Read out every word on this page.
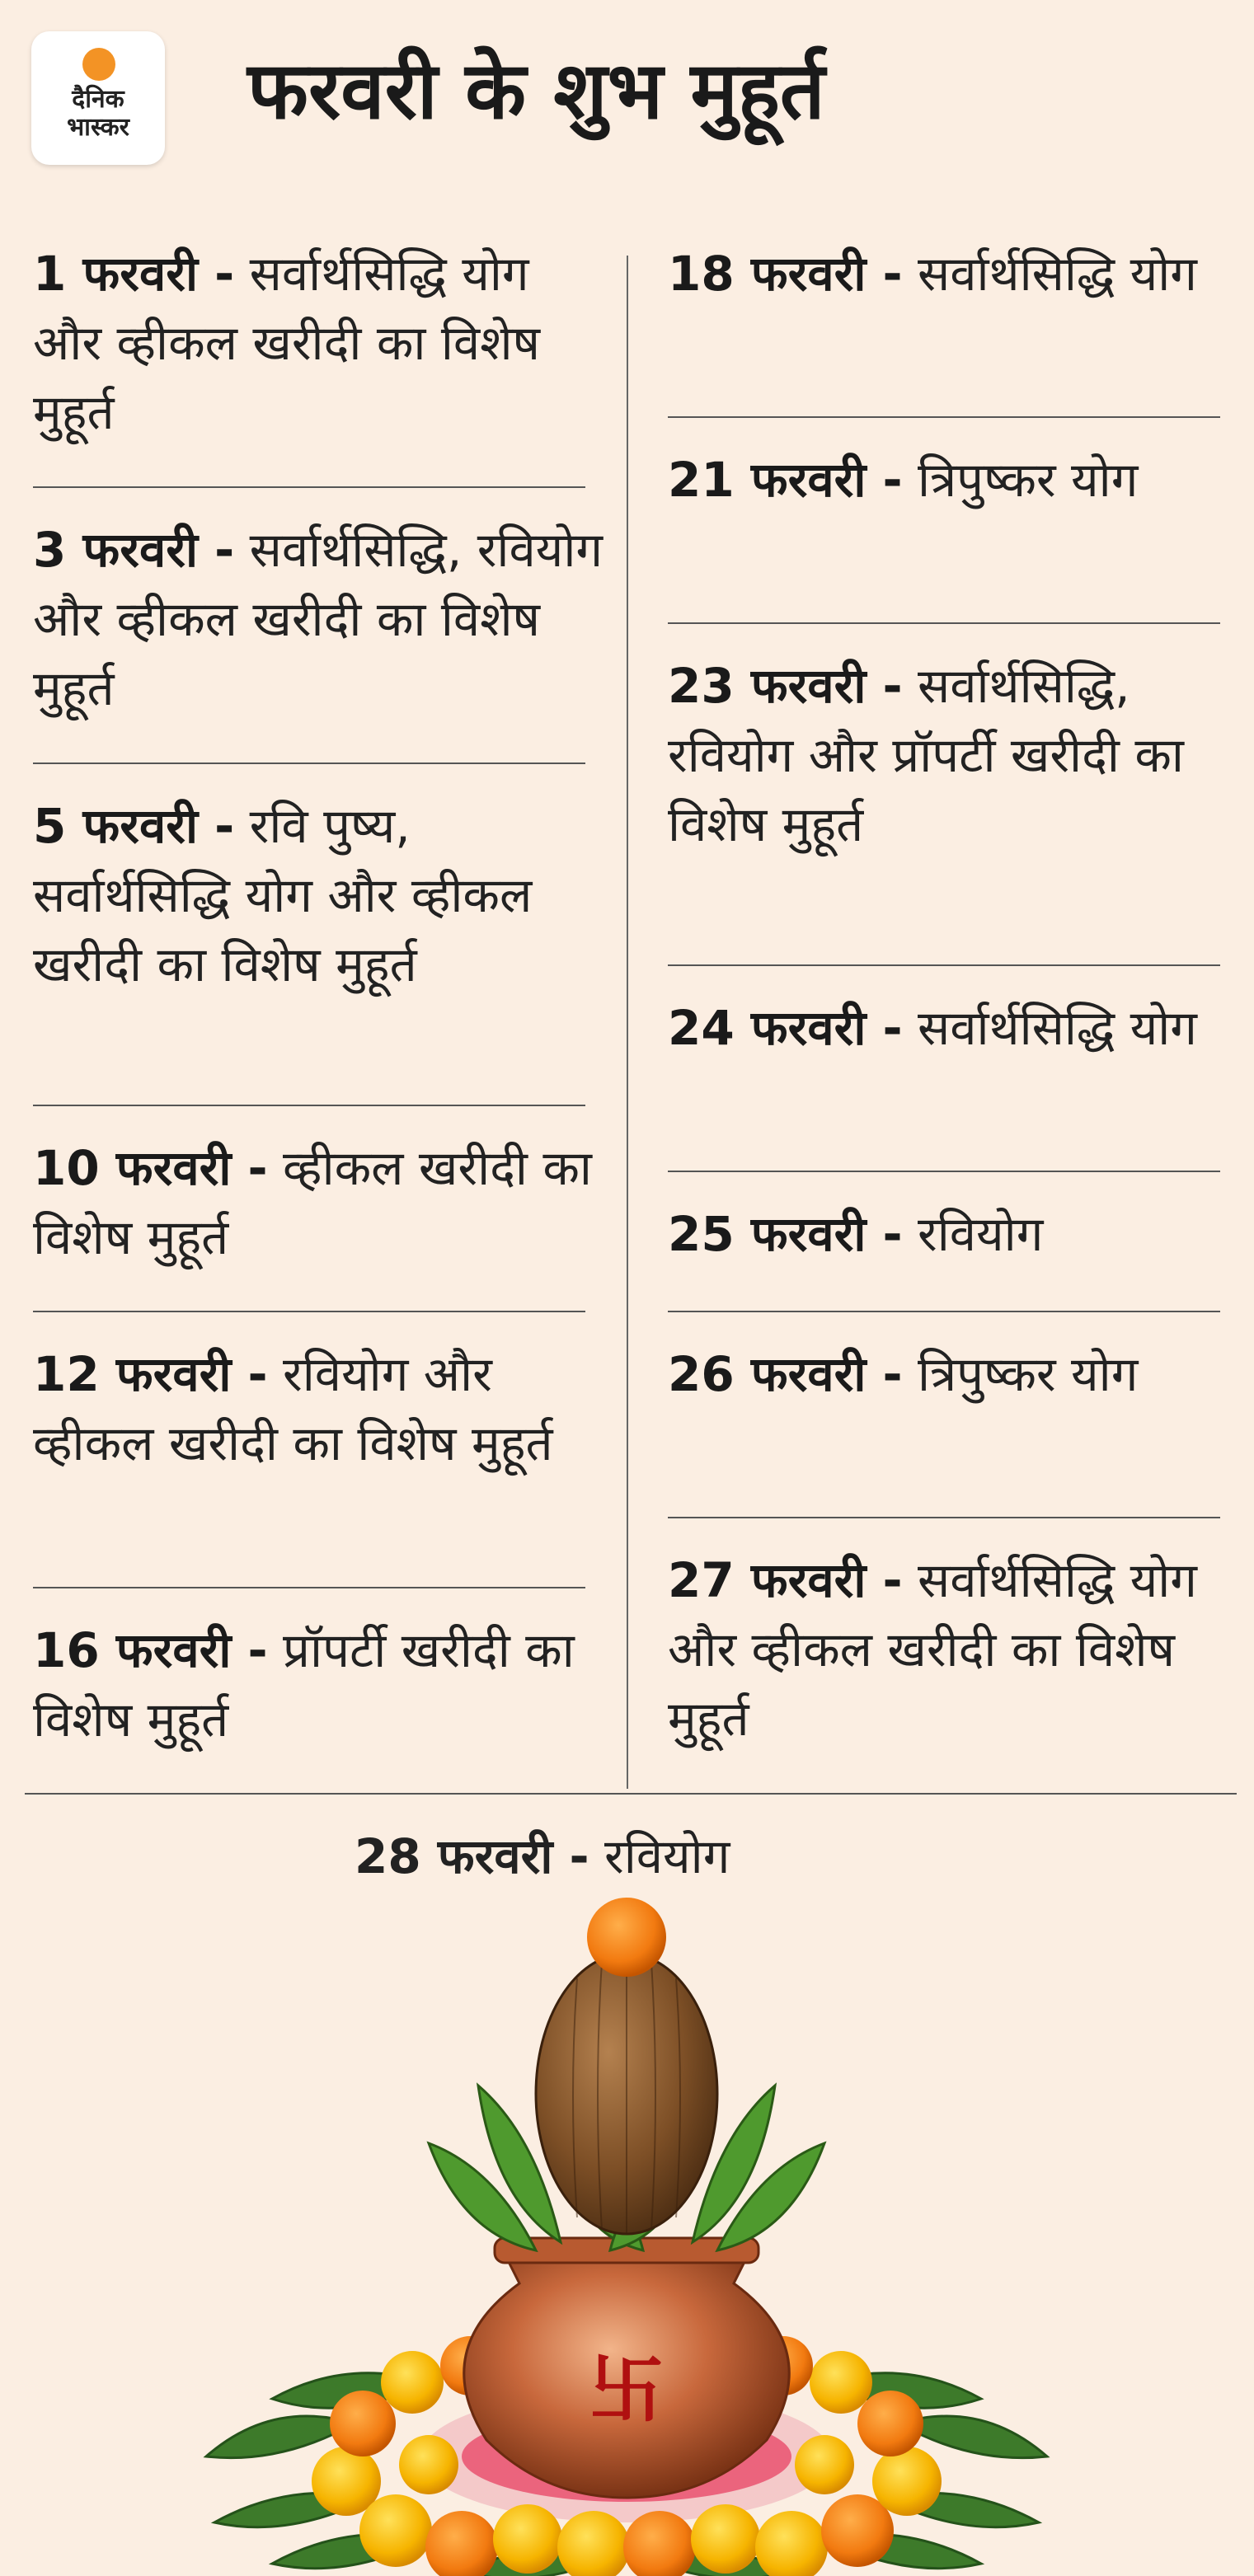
दैनिक
भास्कर	फरवरी के शुभ मुहूर्त
1 फरवरी - सर्वार्थसिद्धि योग और व्हीकल खरीदी का विशेष मुहूर्त
3 फरवरी - सर्वार्थसिद्धि, रवियोग और व्हीकल खरीदी का विशेष मुहूर्त
5 फरवरी - रवि पुष्य, सर्वार्थसिद्धि योग और व्हीकल खरीदी का विशेष मुहूर्त
10 फरवरी - व्हीकल खरीदी का विशेष मुहूर्त
12 फरवरी - रवियोग और व्हीकल खरीदी का विशेष मुहूर्त
16 फरवरी - प्रॉपर्टी खरीदी का विशेष मुहूर्त
18 फरवरी - सर्वार्थसिद्धि योग
21 फरवरी - त्रिपुष्कर योग
23 फरवरी - सर्वार्थसिद्धि, रवियोग और प्रॉपर्टी खरीदी का विशेष मुहूर्त
24 फरवरी - सर्वार्थसिद्धि योग
25 फरवरी - रवियोग
26 फरवरी - त्रिपुष्कर योग
27 फरवरी - सर्वार्थसिद्धि योग और व्हीकल खरीदी का विशेष मुहूर्त
28 फरवरी - रवियोग
卐
